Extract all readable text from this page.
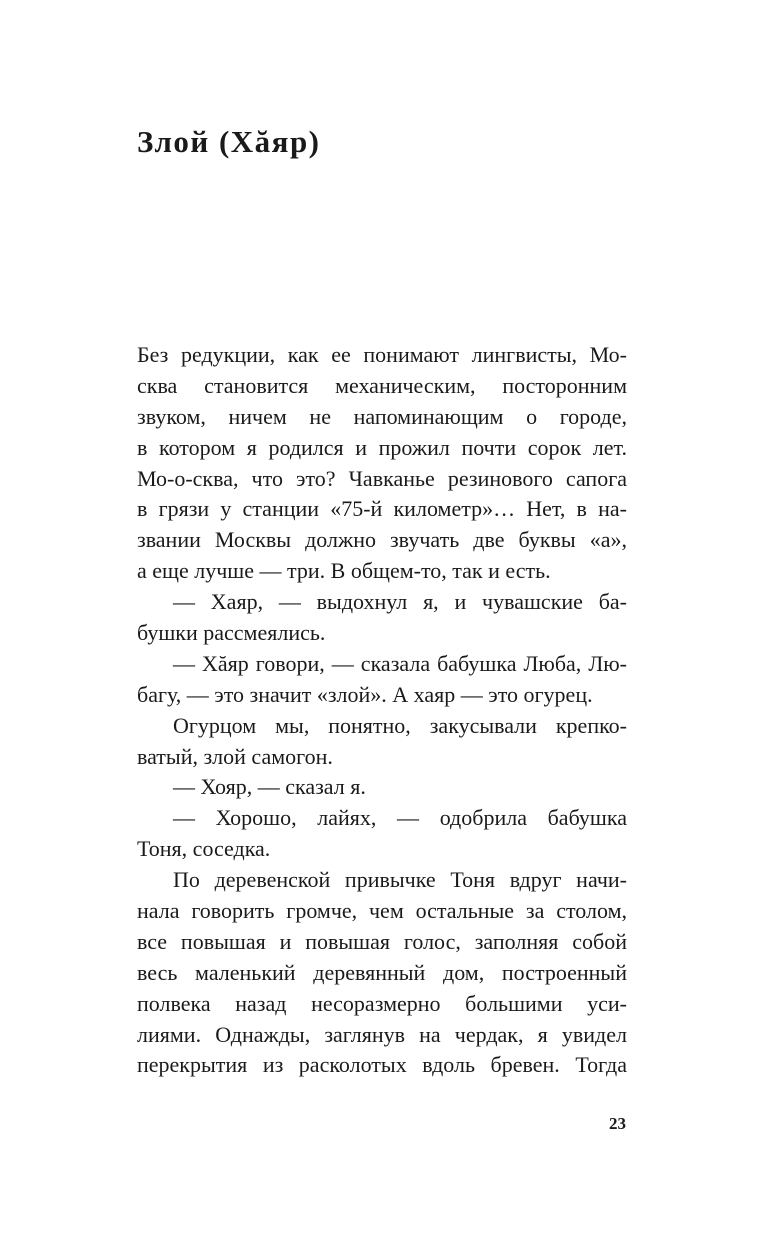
Злой (Хăяр)
Без редукции, как ее понимают лингвисты, Мо-
сква становится механическим, посторонним
звуком, ничем не напоминающим о городе,
в котором я родился и прожил почти сорок лет.
Мо-о-сква, что это? Чавканье резинового сапога
в грязи у станции «75-й километр»… Нет, в на-
звании Москвы должно звучать две буквы «а»,
а еще лучше — три. В общем-то, так и есть.
— Хаяр, — выдохнул я, и чувашские ба-
бушки рассмеялись.
— Хăяр говори, — сказала бабушка Люба, Лю-
багу, — это значит «злой». А хаяр — это огурец.
Огурцом мы, понятно, закусывали крепко-
ватый, злой самогон.
— Хояр, — сказал я.
— Хорошо, лайях, — одобрила бабушка
Тоня, соседка.
По деревенской привычке Тоня вдруг начи-
нала говорить громче, чем остальные за столом,
все повышая и повышая голос, заполняя собой
весь маленький деревянный дом, построенный
полвека назад несоразмерно большими уси-
лиями. Однажды, заглянув на чердак, я увидел
перекрытия из расколотых вдоль бревен. Тогда
23
